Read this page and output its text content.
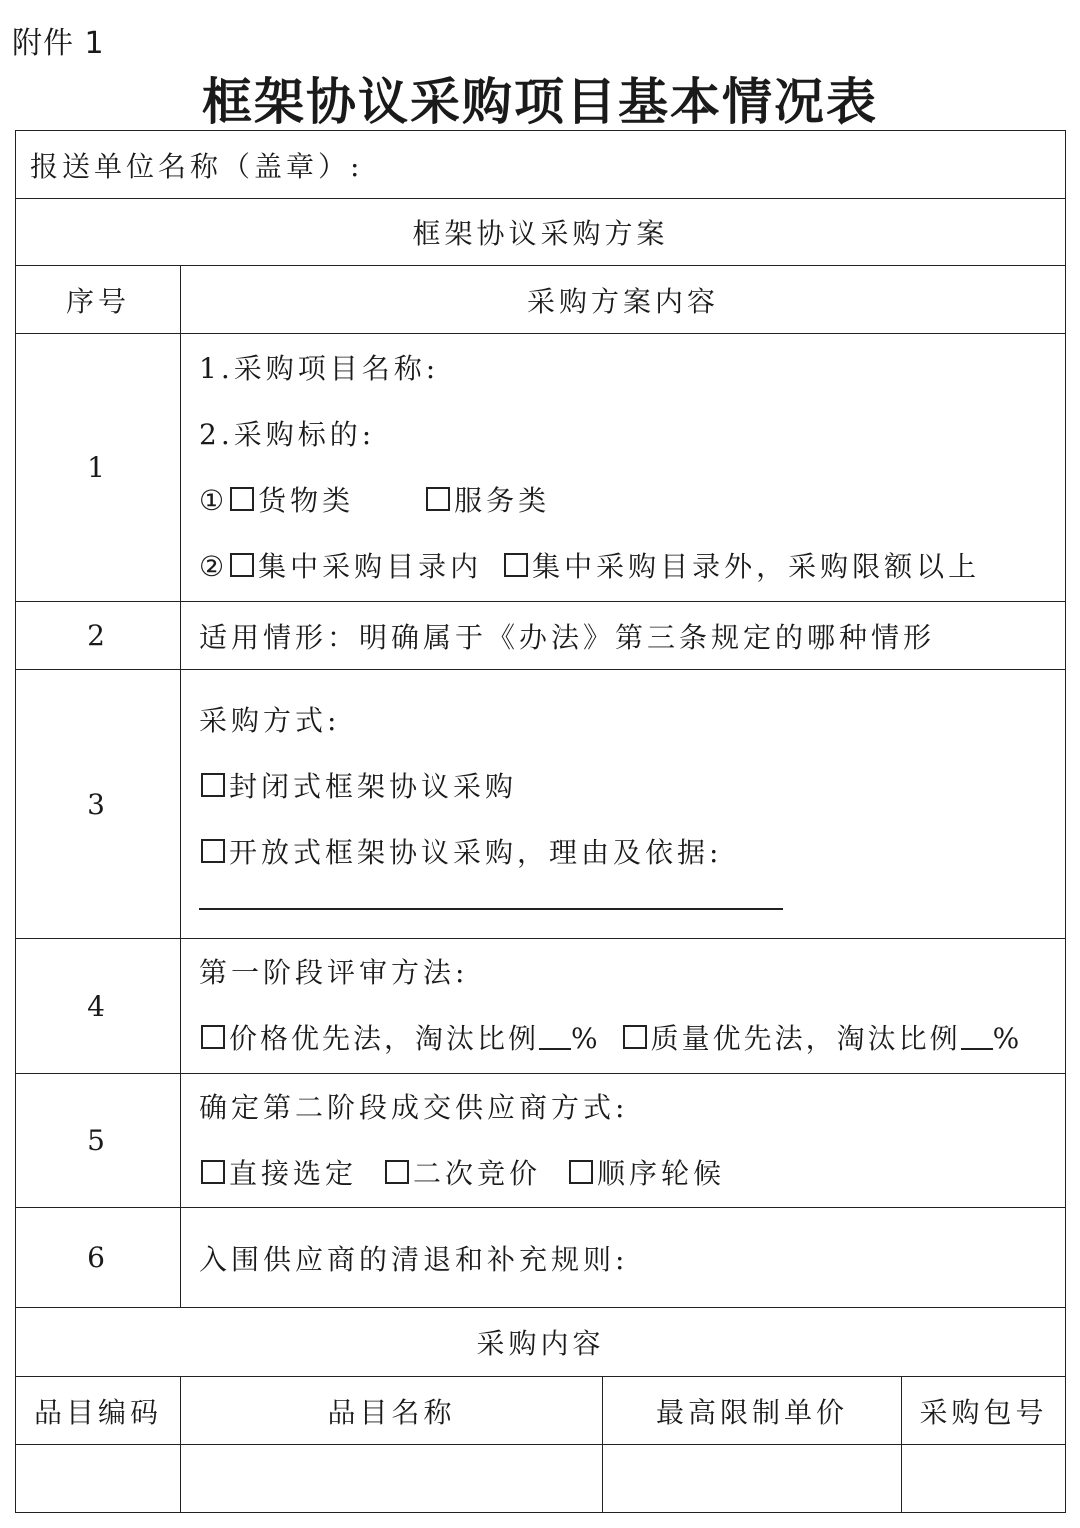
附件 1
框架协议采购项目基本情况表
报送单位名称（盖章）:			
框架协议采购方案			
序号	采购方案内容		
1	1.采购项目名称:
2.采购标的:
① 货物类 服务类
② 集中采购目录内 集中采购目录外，采购限额以上		

2	适用情形：明确属于《办法》第三条规定的哪种情形		
3	采购方式:
封闭式框架协议采购
开放式框架协议采购，理由及依据:		

4	第一阶段评审方法:
价格优先法，淘汰比例 % 质量优先法，淘汰比例 %		

5	确定第二阶段成交供应商方式:
直接选定 二次竞价 顺序轮候		

6	入围供应商的清退和补充规则:		
采购内容			
品目编码	品目名称	最高限制单价	采购包号
